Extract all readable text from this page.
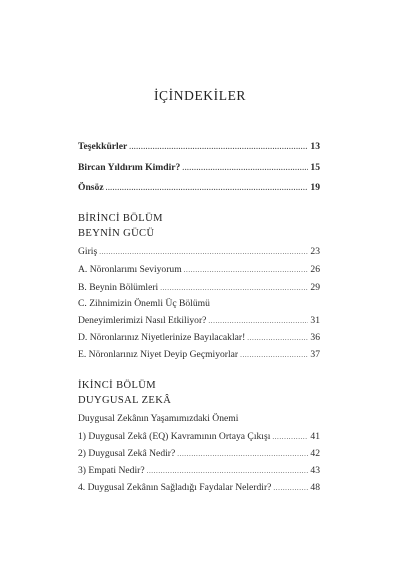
İÇİNDEKİLER
Teşekkürler .....	13
Bircan Yıldırım Kimdir? .....	15
Önsöz .....	19
BİRİNCİ BÖLÜM
BEYNİN GÜCÜ
Giriş .....	23
A. Nöronlarımı Seviyorum .....	26
B. Beynin Bölümleri .....	29
C. Zihnimizin Önemli Üç Bölümü
Deneyimlerimizi Nasıl Etkiliyor? .....	31
D. Nöronlarınız Niyetlerinize Bayılacaklar! .....	36
E. Nöronlarınız Niyet Deyip Geçmiyorlar .....	37
İKİNCİ BÖLÜM
DUYGUSAL ZEKÂ
Duygusal Zekânın Yaşamımızdaki Önemi
1) Duygusal Zekâ (EQ) Kavramının Ortaya Çıkışı .....	41
2) Duygusal Zekâ Nedir? .....	42
3) Empati Nedir? .....	43
4. Duygusal Zekânın Sağladığı Faydalar Nelerdir? .....	48
